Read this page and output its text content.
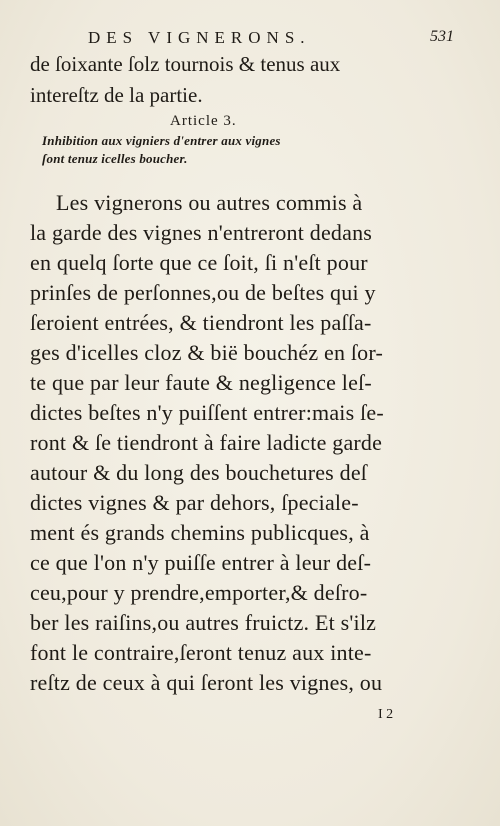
DES VIGNERONS.	531
de ſoixante ſolz tournois & tenus aux
intereſtz de la partie.
Article 3.
Inhibition aux vigniers d'entrer aux vignes
ſont tenuz icelles boucher.
Les vignerons ou autres commis à
la garde des vignes n'entreront dedans
en quelq ſorte que ce ſoit, ſi n'eſt pour
prinſes de perſonnes,ou de beſtes qui y
ſeroient entrées, & tiendront les paſſa-
ges d'icelles cloz & bië bouchéz en ſor-
te que par leur faute & negligence leſ-
dictes beſtes n'y puiſſent entrer:mais ſe-
ront & ſe tiendront à faire ladicte garde
autour & du long des bouchetures deſ
dictes vignes & par dehors, ſpeciale-
ment és grands chemins publicques, à
ce que l'on n'y puiſſe entrer à leur deſ-
ceu,pour y prendre,emporter,& deſro-
ber les raiſins,ou autres fruictz. Et s'ilz
font le contraire,ſeront tenuz aux inte-
reſtz de ceux à qui ſeront les vignes, ou
I 2
